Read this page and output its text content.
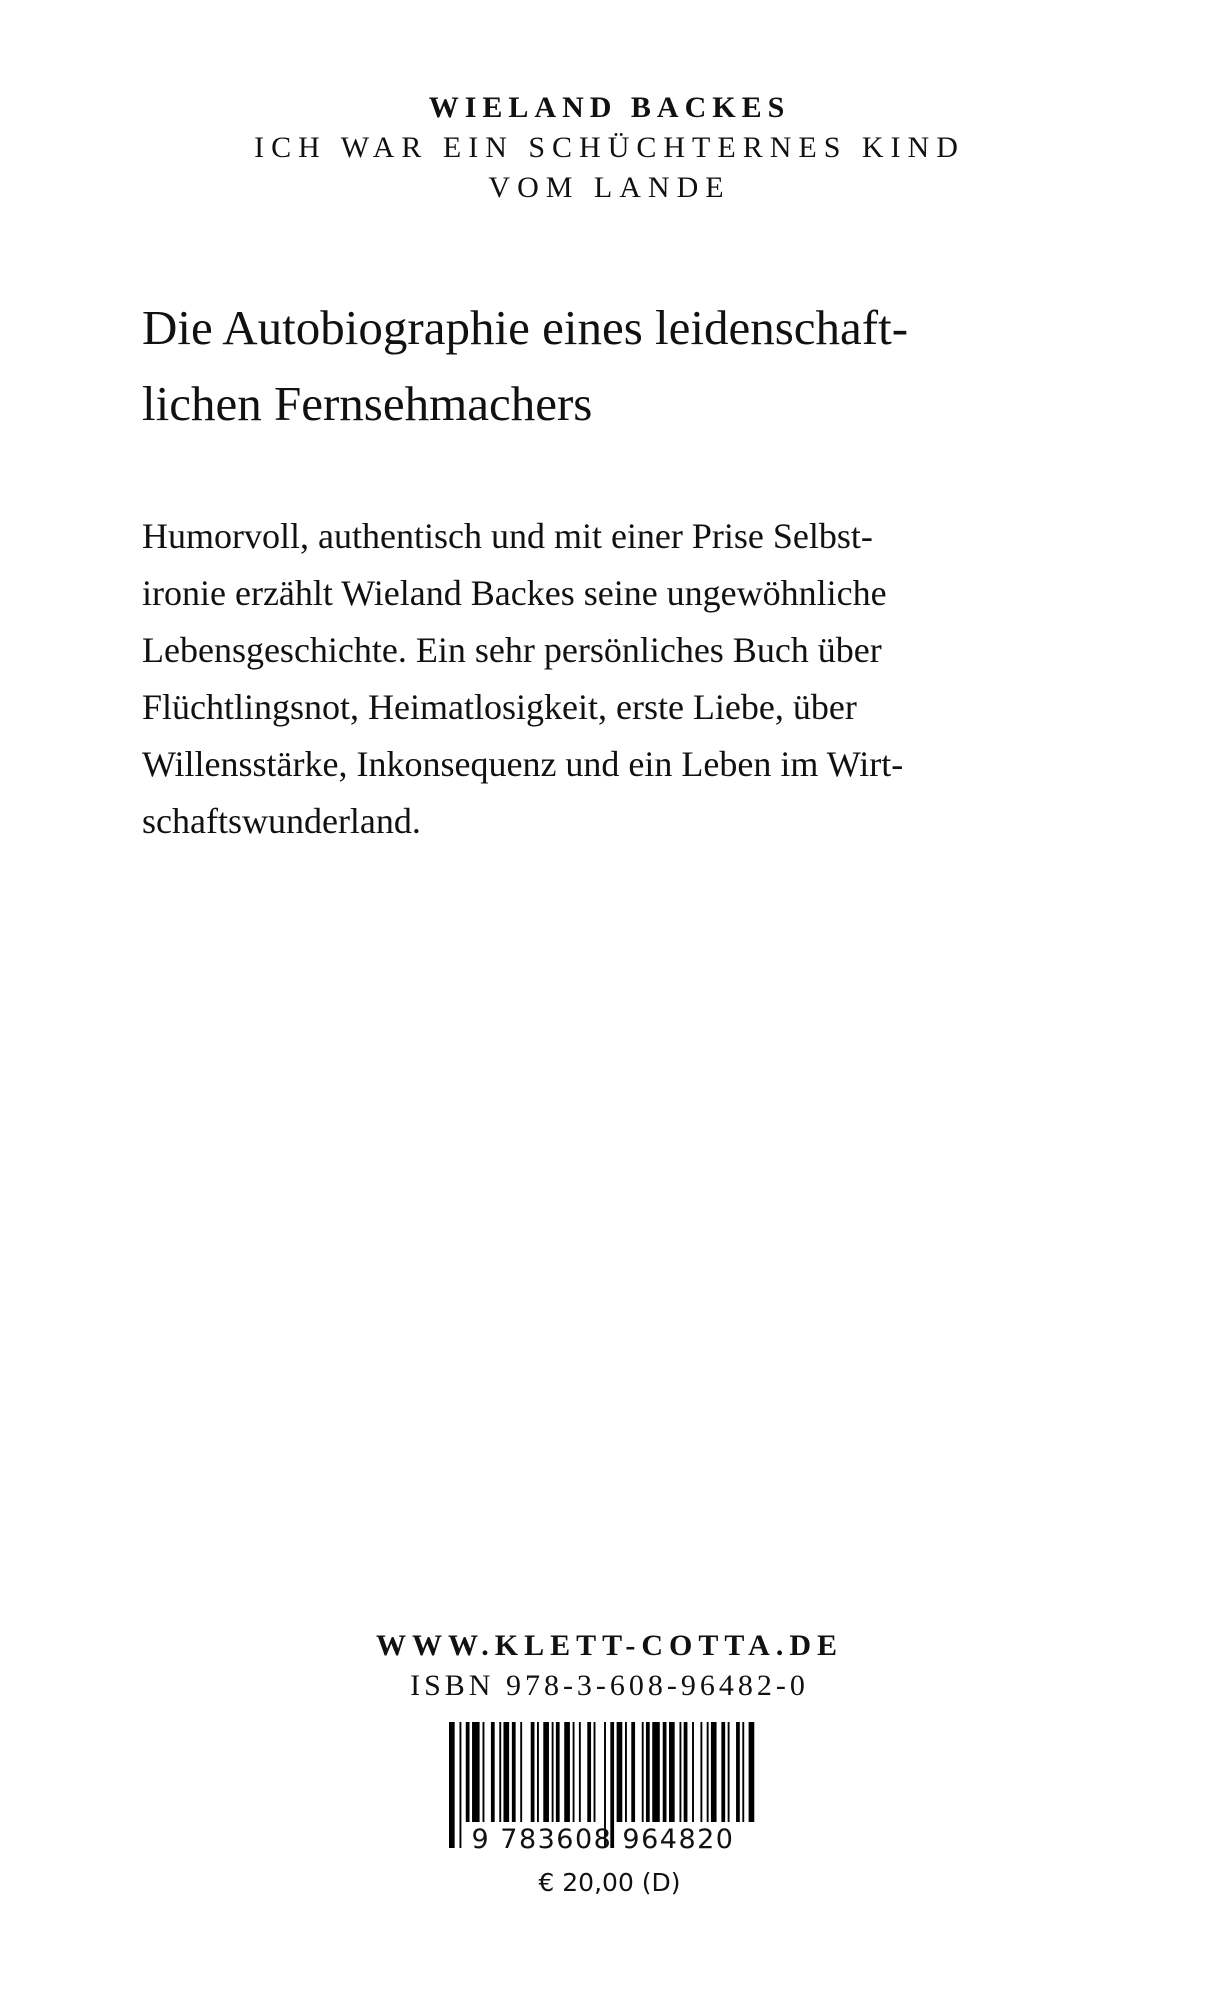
WIELAND BACKES

ICH WAR EIN SCHÜCHTERNES KIND

VOM LANDE

Die Autobiographie eines leidenschaft-
lichen Fernsehmachers

Humorvoll, authentisch und mit einer Prise Selbst-
ironie erzählt Wieland Backes seine ungewöhnliche
Lebensgeschichte. Ein sehr persönliches Buch über
Flüchtlingsnot, Heimatlosigkeit, erste Liebe, über
Willensstärke, Inkonsequenz und ein Leben im Wirt-
schaftswunderland.

WWW.KLETT-COTTA.DE

ISBN 978-3-608-96482-0

9 783608 964820

€ 20,00 (D)
